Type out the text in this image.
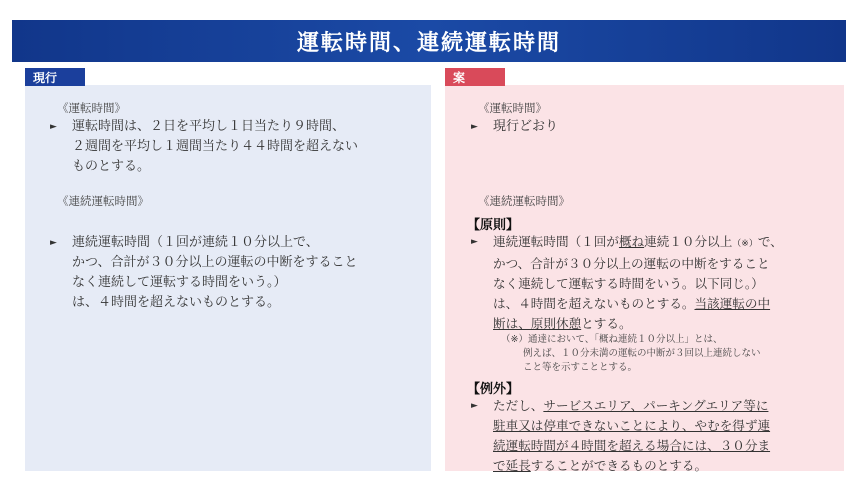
運転時間、連続運転時間
現行
《運転時間》
► 運転時間は、２日を平均し１日当たり９時間、
２週間を平均し１週間当たり４４時間を超えない
ものとする。
《連続運転時間》
► 連続運転時間（１回が連続１０分以上で、
かつ、合計が３０分以上の運転の中断をすること
なく連続して運転する時間をいう。）
は、４時間を超えないものとする。
案
《運転時間》
► 現行どおり
《連続運転時間》
【原則】
► 連続運転時間（１回が概ね連続１０分以上（※）で、
かつ、合計が３０分以上の運転の中断をすること
なく連続して運転する時間をいう。以下同じ。）
は、４時間を超えないものとする。当該運転の中
断は、原則休憩とする。
（※）通達において、「概ね連続１０分以上」とは、
例えば、１０分未満の運転の中断が３回以上連続しない
こと等を示すこととする。
【例外】
► ただし、サービスエリア、パーキングエリア等に
駐車又は停車できないことにより、やむを得ず連
続運転時間が４時間を超える場合には、３０分ま
で延長することができるものとする。
